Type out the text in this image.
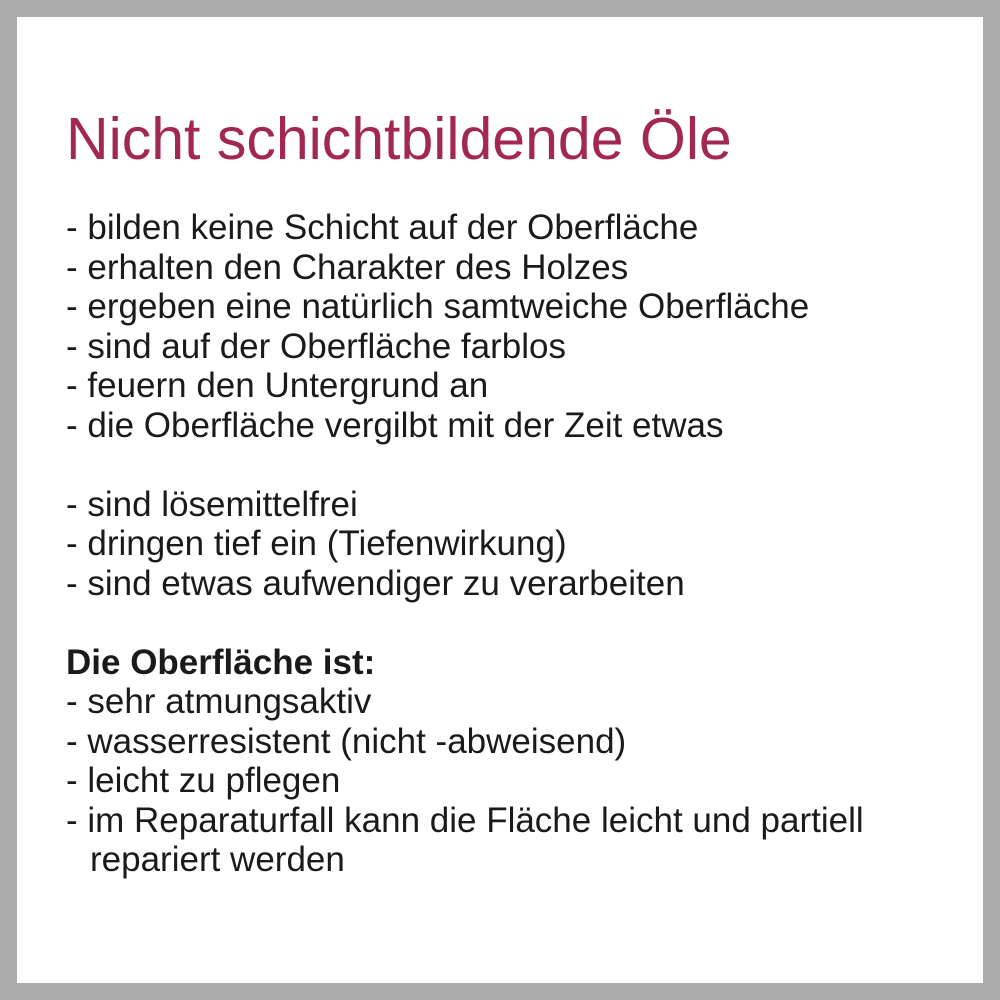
Nicht schichtbildende Öle
- bilden keine Schicht auf der Oberfläche
- erhalten den Charakter des Holzes
- ergeben eine natürlich samtweiche Oberfläche
- sind auf der Oberfläche farblos
- feuern den Untergrund an
- die Oberfläche vergilbt mit der Zeit etwas
- sind lösemittelfrei
- dringen tief ein (Tiefenwirkung)
- sind etwas aufwendiger zu verarbeiten
Die Oberfläche ist:
- sehr atmungsaktiv
- wasserresistent (nicht -abweisend)
- leicht zu pflegen
- im Reparaturfall kann die Fläche leicht und partiell
repariert werden
